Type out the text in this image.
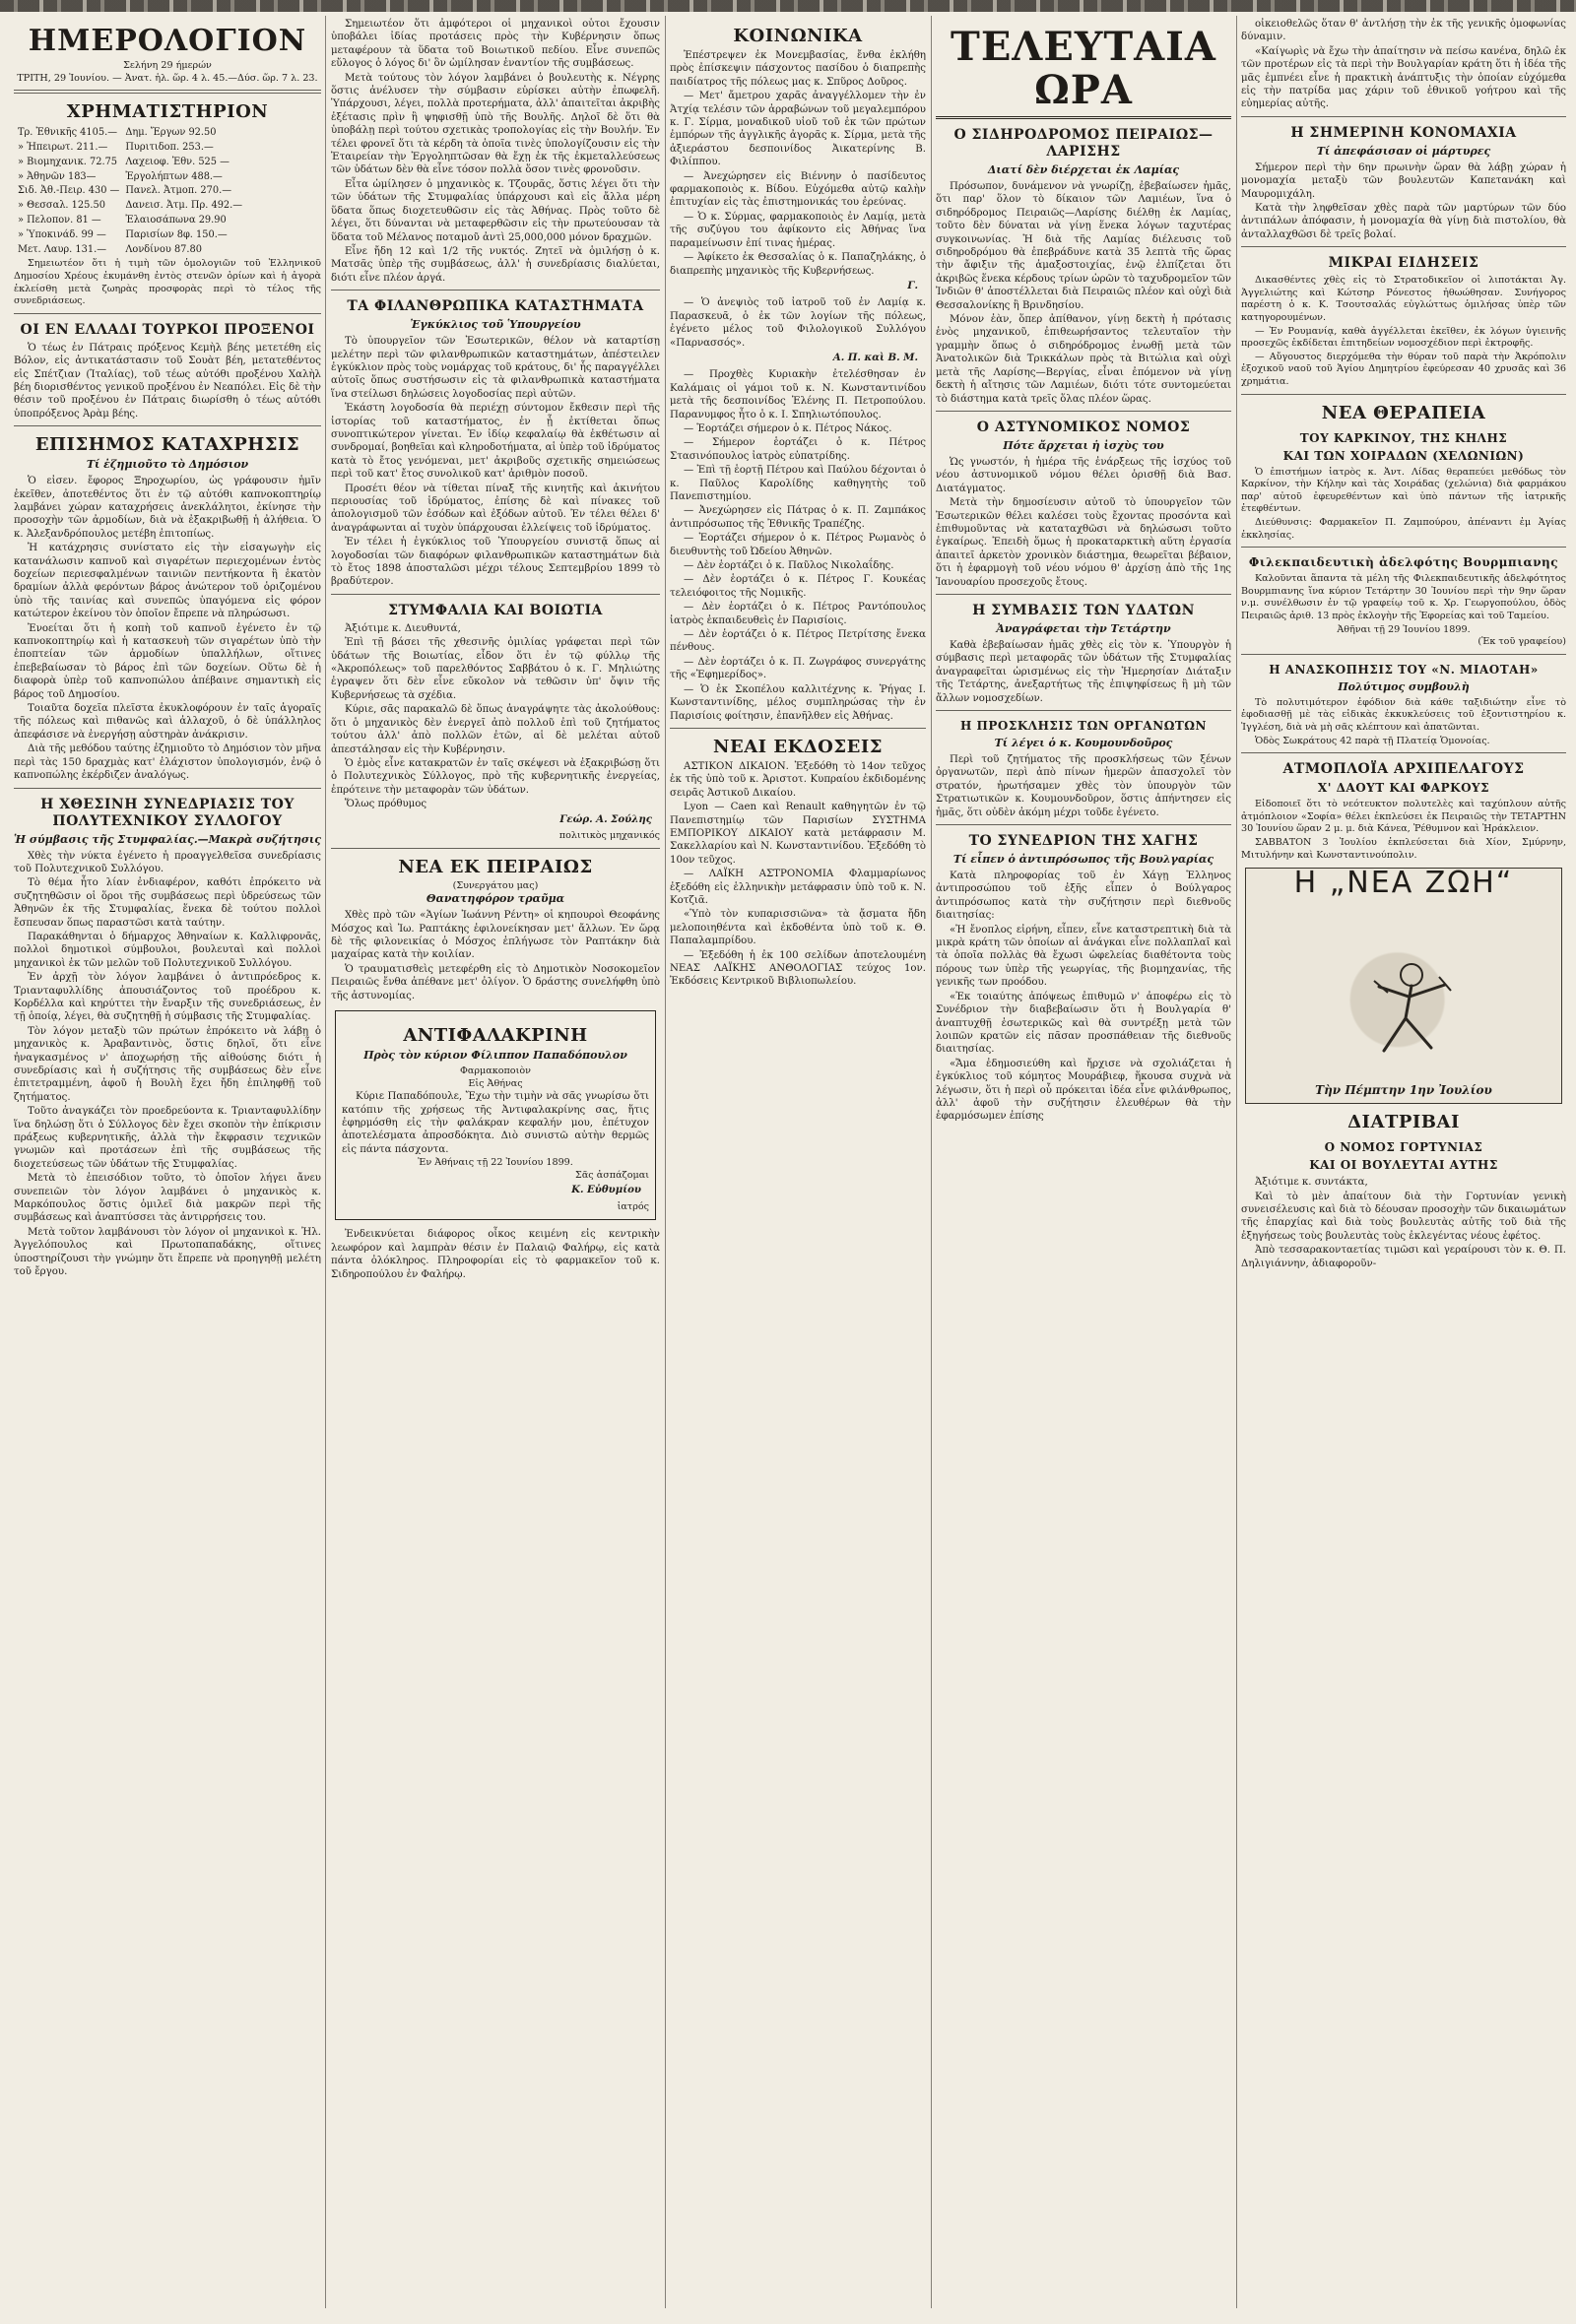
ΗΜΕΡΟΛΟΓΙΟΝ
Σελήνη 29 ήμερών
ΤΡΙΤΗ, 29 Ἰουνίου. — Ἀνατ. ἡλ. ὥρ. 4 λ. 45.—Δύσ. ὥρ. 7 λ. 23.
ΧΡΗΜΑΤΙΣΤΗΡΙΟΝ
Τρ. Ἐθνικῆς 4105.—	Δημ. Ἔργων 92.50
» Ἠπειρωτ. 211.—	Πυριτιδοπ. 253.—
» Βιομηχανικ. 72.75	Λαχειοφ. Ἐθν. 525 —
» Ἀθηνῶν 183—	Ἐργολήπτων 488.—
Σιδ. Ἀθ.-Πειρ. 430 —	Πανελ. Ἀτμοπ. 270.—
» Θεσσαλ. 125.50	Δανεισ. Ἀτμ. Πρ. 492.—
» Πελοπον. 81 —	Ἐλαιοσάπωνα 29.90
» Ὑποκινάδ. 99 —	Παρισίων 8φ. 150.—
Μετ. Λαυρ. 131.—	Λονδίνου 87.80
Σημειωτέον ὅτι ἡ τιμὴ τῶν ὁμολογιῶν τοῦ Ἑλληνικοῦ Δημοσίου Χρέους ἐκυμάνθη ἐντὸς στενῶν ὁρίων καὶ ἡ ἀγορὰ ἐκλείσθη μετὰ ζωηρὰς προσφορὰς περὶ τὸ τέλος τῆς συνεδριάσεως.
ΟΙ ΕΝ ΕΛΛΑΔΙ ΤΟΥΡΚΟΙ ΠΡΟΞΕΝΟΙ
Ὁ τέως ἐν Πάτραις πρόξενος Κεμὴλ βέης μετετέθη εἰς Βόλον, εἰς ἀντικατάστασιν τοῦ Σουὰτ βέη, μετατεθέντος εἰς Σπέτζιαν (Ἰταλίας), τοῦ τέως αὐτόθι προξένου Χαλὴλ βέη διορισθέντος γενικοῦ προξένου ἐν Νεαπόλει. Εἰς δὲ τὴν θέσιν τοῦ προξένου ἐν Πάτραις διωρίσθη ὁ τέως αὐτόθι ὑποπρόξενος Ἀρὰμ βέης.
ΕΠΙΣΗΜΟΣ ΚΑΤΑΧΡΗΣΙΣ
Τί ἐζημιοῦτο τὸ Δημόσιον
Ὁ εἰσεν. ἔφορος Ξηροχωρίου, ὡς γράφουσιν ἡμῖν ἐκεῖθεν, ἀποτεθέντος ὅτι ἐν τῷ αὐτόθι καπνοκοπτηρίῳ λαμβάνει χώραν καταχρήσεις ἀνεκλάλητοι, ἐκίνησε τὴν προσοχὴν τῶν ἀρμοδίων, διὰ νὰ ἐξακριβωθῇ ἡ ἀλήθεια. Ὁ κ. Ἀλεξανδρόπουλος μετέβη ἐπιτοπίως.
Ἡ κατάχρησις συνίστατο εἰς τὴν εἰσαγωγὴν εἰς κατανάλωσιν καπνοῦ καὶ σιγαρέτων περιεχομένων ἐντὸς δοχείων περιεσφαλμένων ταινιῶν πεντήκοντα ἢ ἑκατὸν δραμίων ἀλλὰ φερόντων βάρος ἀνώτερον τοῦ ὁριζομένου ὑπὸ τῆς ταινίας καὶ συνεπῶς ὑπαγόμενα εἰς φόρον κατώτερον ἐκείνου τὸν ὁποῖον ἔπρεπε νὰ πληρώσωσι.
Ἐνοείται ὅτι ἡ κοπὴ τοῦ καπνοῦ ἐγένετο ἐν τῷ καπνοκοπτηρίῳ καὶ ἡ κατασκευὴ τῶν σιγαρέτων ὑπὸ τὴν ἐποπτείαν τῶν ἀρμοδίων ὑπαλλήλων, οἵτινες ἐπεβεβαίωσαν τὸ βάρος ἐπὶ τῶν δοχείων. Οὕτω δὲ ἡ διαφορὰ ὑπὲρ τοῦ καπνοπώλου ἀπέβαινε σημαντικὴ εἰς βάρος τοῦ Δημοσίου.
Τοιαῦτα δοχεῖα πλεῖστα ἐκυκλοφόρουν ἐν ταῖς ἀγοραῖς τῆς πόλεως καὶ πιθανῶς καὶ ἀλλαχοῦ, ὁ δὲ ὑπάλληλος ἀπεφάσισε νὰ ἐνεργήσῃ αὐστηρὰν ἀνάκρισιν.
Διὰ τῆς μεθόδου ταύτης ἐζημιοῦτο τὸ Δημόσιον τὸν μῆνα περὶ τὰς 150 δραχμὰς κατ' ἐλάχιστον ὑπολογισμόν, ἐνῷ ὁ καπνοπώλης ἐκέρδιζεν ἀναλόγως.
Η ΧΘΕΣΙΝΗ ΣΥΝΕΔΡΙΑΣΙΣ ΤΟΥ ΠΟΛΥΤΕΧΝΙΚΟΥ ΣΥΛΛΟΓΟΥ
Ἡ σύμβασις τῆς Στυμφαλίας.—Μακρὰ συζήτησις
Χθὲς τὴν νύκτα ἐγένετο ἡ προαγγελθεῖσα συνεδρίασις τοῦ Πολυτεχνικοῦ Συλλόγου.
Τὸ θέμα ἦτο λίαν ἐνδιαφέρον, καθότι ἐπρόκειτο νὰ συζητηθῶσιν οἱ ὅροι τῆς συμβάσεως περὶ ὑδρεύσεως τῶν Ἀθηνῶν ἐκ τῆς Στυμφαλίας, ἕνεκα δὲ τούτου πολλοὶ ἔσπευσαν ὅπως παραστῶσι κατὰ ταύτην.
Παρακάθηνται ὁ δήμαρχος Ἀθηναίων κ. Καλλιφρονᾶς, πολλοὶ δημοτικοὶ σύμβουλοι, βουλευταὶ καὶ πολλοὶ μηχανικοὶ ἐκ τῶν μελῶν τοῦ Πολυτεχνικοῦ Συλλόγου.
Ἐν ἀρχῇ τὸν λόγον λαμβάνει ὁ ἀντιπρόεδρος κ. Τριανταφυλλίδης ἀπουσιάζοντος τοῦ προέδρου κ. Κορδέλλα καὶ κηρύττει τὴν ἔναρξιν τῆς συνεδριάσεως, ἐν τῇ ὁποίᾳ, λέγει, θὰ συζητηθῇ ἡ σύμβασις τῆς Στυμφαλίας.
Τὸν λόγον μεταξὺ τῶν πρώτων ἐπρόκειτο νὰ λάβῃ ὁ μηχανικὸς κ. Ἀραβαντινὸς, ὅστις δηλοῖ, ὅτι εἶνε ἠναγκασμένος ν' ἀποχωρήσῃ τῆς αἰθούσης διότι ἡ συνεδρίασις καὶ ἡ συζήτησις τῆς συμβάσεως δὲν εἶνε ἐπιτετραμμένη, ἀφοῦ ἡ Βουλὴ ἔχει ἤδη ἐπιληφθῇ τοῦ ζητήματος.
Τοῦτο ἀναγκάζει τὸν προεδρεύοντα κ. Τριανταφυλλίδην ἵνα δηλώσῃ ὅτι ὁ Σύλλογος δὲν ἔχει σκοπὸν τὴν ἐπίκρισιν πράξεως κυβερνητικῆς, ἀλλὰ τὴν ἔκφρασιν τεχνικῶν γνωμῶν καὶ προτάσεων ἐπὶ τῆς συμβάσεως τῆς διοχετεύσεως τῶν ὑδάτων τῆς Στυμφαλίας.
Μετὰ τὸ ἐπεισόδιον τοῦτο, τὸ ὁποῖον λήγει ἄνευ συνεπειῶν τὸν λόγον λαμβάνει ὁ μηχανικὸς κ. Μαρκόπουλος ὅστις ὁμιλεῖ διὰ μακρῶν περὶ τῆς συμβάσεως καὶ ἀναπτύσσει τὰς ἀντιρρήσεις του.
Μετὰ τοῦτον λαμβάνουσι τὸν λόγον οἱ μηχανικοὶ κ. Ἠλ. Ἀγγελόπουλος καὶ Πρωτοπαπαδάκης, οἵτινες ὑποστηρίζουσι τὴν γνώμην ὅτι ἔπρεπε νὰ προηγηθῇ μελέτη τοῦ ἔργου.
Σημειωτέον ὅτι ἀμφότεροι οἱ μηχανικοὶ οὗτοι ἔχουσιν ὑποβάλει ἰδίας προτάσεις πρὸς τὴν Κυβέρνησιν ὅπως μεταφέρουν τὰ ὕδατα τοῦ Βοιωτικοῦ πεδίου. Εἶνε συνεπῶς εὔλογος ὁ λόγος δι' ὃν ὡμίλησαν ἐναντίον τῆς συμβάσεως.
Μετὰ τούτους τὸν λόγον λαμβάνει ὁ βουλευτὴς κ. Νέγρης ὅστις ἀνέλυσεν τὴν σύμβασιν εὑρίσκει αὐτὴν ἐπωφελῆ. Ὑπάρχουσι, λέγει, πολλὰ προτερήματα, ἀλλ' ἀπαιτεῖται ἀκριβὴς ἐξέτασις πρὶν ἢ ψηφισθῇ ὑπὸ τῆς Βουλῆς. Δηλοῖ δὲ ὅτι θὰ ὑποβάλῃ περὶ τούτου σχετικὰς τροπολογίας εἰς τὴν Βουλήν. Ἐν τέλει φρονεῖ ὅτι τὰ κέρδη τὰ ὁποῖα τινὲς ὑπολογίζουσιν εἰς τὴν Ἑταιρείαν τὴν Ἐργοληπτῶσαν θὰ ἔχῃ ἐκ τῆς ἐκμεταλλεύσεως τῶν ὑδάτων δὲν θὰ εἶνε τόσον πολλὰ ὅσον τινὲς φρονοῦσιν.
Εἶτα ὡμίλησεν ὁ μηχανικὸς κ. Τζουρᾶς, ὅστις λέγει ὅτι τὴν τῶν ὑδάτων τῆς Στυμφαλίας ὑπάρχουσι καὶ εἰς ἄλλα μέρη ὕδατα ὅπως διοχετευθῶσιν εἰς τὰς Ἀθήνας. Πρὸς τοῦτο δὲ λέγει, ὅτι δύνανται νὰ μεταφερθῶσιν εἰς τὴν πρωτεύουσαν τὰ ὕδατα τοῦ Μέλανος ποταμοῦ ἀντὶ 25,000,000 μόνον δραχμῶν.
Εἶνε ἤδη 12 καὶ 1/2 τῆς νυκτός. Ζητεῖ νὰ ὁμιλήσῃ ὁ κ. Ματσᾶς ὑπὲρ τῆς συμβάσεως, ἀλλ' ἡ συνεδρίασις διαλύεται, διότι εἶνε πλέον ἀργά.
ΤΑ ΦΙΛΑΝΘΡΩΠΙΚΑ ΚΑΤΑΣΤΗΜΑΤΑ
Ἐγκύκλιος τοῦ Ὑπουργείου
Τὸ ὑπουργεῖον τῶν Ἐσωτερικῶν, θέλον νὰ καταρτίσῃ μελέτην περὶ τῶν φιλανθρωπικῶν καταστημάτων, ἀπέστειλεν ἐγκύκλιον πρὸς τοὺς νομάρχας τοῦ κράτους, δι' ἧς παραγγέλλει αὐτοῖς ὅπως συστήσωσιν εἰς τὰ φιλανθρωπικὰ καταστήματα ἵνα στείλωσι δηλώσεις λογοδοσίας περὶ αὐτῶν.
Ἑκάστη λογοδοσία θὰ περιέχῃ σύντομον ἔκθεσιν περὶ τῆς ἱστορίας τοῦ καταστήματος, ἐν ᾗ ἐκτίθεται ὅπως συνοπτικώτερον γίνεται. Ἐν ἰδίῳ κεφαλαίῳ θὰ ἐκθέτωσιν αἱ συνδρομαί, βοηθεῖαι καὶ κληροδοτήματα, αἱ ὑπὲρ τοῦ ἱδρύματος κατὰ τὸ ἔτος γενόμεναι, μετ' ἀκριβοῦς σχετικῆς σημειώσεως περὶ τοῦ κατ' ἔτος συνολικοῦ κατ' ἀριθμὸν ποσοῦ.
Προσέτι θέον νὰ τίθεται πίναξ τῆς κινητῆς καὶ ἀκινήτου περιουσίας τοῦ ἱδρύματος, ἐπίσης δὲ καὶ πίνακες τοῦ ἀπολογισμοῦ τῶν ἐσόδων καὶ ἐξόδων αὐτοῦ. Ἐν τέλει θέλει δ' ἀναγράφωνται αἱ τυχὸν ὑπάρχουσαι ἐλλείψεις τοῦ ἱδρύματος.
Ἐν τέλει ἡ ἐγκύκλιος τοῦ Ὑπουργείου συνιστᾷ ὅπως αἱ λογοδοσίαι τῶν διαφόρων φιλανθρωπικῶν καταστημάτων διὰ τὸ ἔτος 1898 ἀποσταλῶσι μέχρι τέλους Σεπτεμβρίου 1899 τὸ βραδύτερον.
ΣΤΥΜΦΑΛΙΑ ΚΑΙ ΒΟΙΩΤΙΑ
Ἀξιότιμε κ. Διευθυντά,
Ἐπὶ τῇ βάσει τῆς χθεσινῆς ὁμιλίας γράφεται περὶ τῶν ὑδάτων τῆς Βοιωτίας, εἶδον ὅτι ἐν τῷ φύλλῳ τῆς «Ἀκροπόλεως» τοῦ παρελθόντος Σαββάτου ὁ κ. Γ. Μηλιώτης ἐγραψεν ὅτι δὲν εἶνε εὔκολον νὰ τεθῶσιν ὑπ' ὄψιν τῆς Κυβερνήσεως τὰ σχέδια.
Κύριε, σᾶς παρακαλῶ δὲ ὅπως ἀναγράψητε τὰς ἀκολούθους: ὅτι ὁ μηχανικὸς δὲν ἐνεργεῖ ἀπὸ πολλοῦ ἐπὶ τοῦ ζητήματος τούτου ἀλλ' ἀπὸ πολλῶν ἐτῶν, αἱ δὲ μελέται αὐτοῦ ἀπεστάλησαν εἰς τὴν Κυβέρνησιν.
Ὁ ἐμὸς εἶνε κατακρατῶν ἐν ταῖς σκέψεσι νὰ ἐξακριβώσῃ ὅτι ὁ Πολυτεχνικὸς Σύλλογος, πρὸ τῆς κυβερνητικῆς ἐνεργείας, ἐπρότεινε τὴν μεταφορὰν τῶν ὑδάτων.
Ὅλως πρόθυμος
Γεώρ. Α. Σούλης
πολιτικὸς μηχανικός
ΝΕΑ ΕΚ ΠΕΙΡΑΙΩΣ
(Συνεργάτου μας)
Θανατηφόρον τραῦμα
Χθὲς πρὸ τῶν «Ἁγίων Ἰωάννη Ρέντη» οἱ κηπουροὶ Θεοφάνης Μόσχος καὶ Ἰω. Ραπτάκης ἐφιλονείκησαν μετ' ἄλλων. Ἐν ὥρᾳ δὲ τῆς φιλονεικίας ὁ Μόσχος ἐπλήγωσε τὸν Ραπτάκην διὰ μαχαίρας κατὰ τὴν κοιλίαν.
Ὁ τραυματισθεὶς μετεφέρθη εἰς τὸ Δημοτικὸν Νοσοκομεῖον Πειραιῶς ἔνθα ἀπέθανε μετ' ὀλίγον. Ὁ δράστης συνελήφθη ὑπὸ τῆς ἀστυνομίας.
ΑΝΤΙΦΑΛΑΚΡΙΝΗ
Πρὸς τὸν κύριον Φίλιππον Παπαδόπουλον
Φαρμακοποιὸν
Εἰς Ἀθήνας
Κύριε Παπαδόπουλε, Ἔχω τὴν τιμὴν νὰ σᾶς γνωρίσω ὅτι κατόπιν τῆς χρήσεως τῆς Ἀντιφαλακρίνης σας, ἥτις ἐφηρμόσθη εἰς τὴν φαλάκραν κεφαλήν μου, ἐπέτυχον ἀποτελέσματα ἀπροσδόκητα. Διὸ συνιστῶ αὐτὴν θερμῶς εἰς πάντα πάσχοντα.
Ἐν Ἀθήναις τῇ 22 Ἰουνίου 1899.
Σᾶς ἀσπάζομαι
Κ. Εὐθυμίου
ἰατρός
Ἐνδεικνύεται διάφορος οἶκος κειμένη εἰς κεντρικὴν λεωφόρον καὶ λαμπρὰν θέσιν ἐν Παλαιῷ Φαλήρῳ, εἰς κατὰ πάντα ὀλόκληρος. Πληροφορίαι εἰς τὸ φαρμακεῖον τοῦ κ. Σιδηροπούλου ἐν Φαλήρῳ.
ΚΟΙΝΩΝΙΚΑ
Ἐπέστρεψεν ἐκ Μονεμβασίας, ἔνθα ἐκλήθη πρὸς ἐπίσκεψιν πάσχοντος πασίδου ὁ διαπρεπὴς παιδίατρος τῆς πόλεως μας κ. Σπῦρος Δοῦρος.
— Μετ' ἄμετρου χαρᾶς ἀναγγέλλομεν τὴν ἐν Ἀτχίᾳ τελέσιν τῶν ἀρραβώνων τοῦ μεγαλεμπόρου κ. Γ. Σίρμα, μοναδικοῦ υἱοῦ τοῦ ἐκ τῶν πρώτων ἐμπόρων τῆς ἀγγλικῆς ἀγορᾶς κ. Σίρμα, μετὰ τῆς ἀξιεράστου δεσποινίδος Ἀικατερίνης Β. Φιλίππου.
— Ἀνεχώρησεν εἰς Βιέννην ὁ πασίδευτος φαρμακοποιὸς κ. Βίδου. Εὐχόμεθα αὐτῷ καλὴν ἐπιτυχίαν εἰς τὰς ἐπιστημονικάς του ἐρεύνας.
— Ὁ κ. Σύρμας, φαρμακοποιὸς ἐν Λαμίᾳ, μετὰ τῆς συζύγου του ἀφίκοντο εἰς Ἀθήνας ἵνα παραμείνωσιν ἐπί τινας ἡμέρας.
— Ἀφίκετο ἐκ Θεσσαλίας ὁ κ. Παπαζηλάκης, ὁ διαπρεπὴς μηχανικὸς τῆς Κυβερνήσεως.
Γ.
— Ὁ ἀνεψιὸς τοῦ ἰατροῦ τοῦ ἐν Λαμίᾳ κ. Παρασκευᾶ, ὁ ἐκ τῶν λογίων τῆς πόλεως, ἐγένετο μέλος τοῦ Φιλολογικοῦ Συλλόγου «Παρνασσός».
Α. Π. καὶ Β. Μ.
— Προχθὲς Κυριακὴν ἐτελέσθησαν ἐν Καλάμαις οἱ γάμοι τοῦ κ. Ν. Κωνσταντινίδου μετὰ τῆς δεσποινίδος Ἑλένης Π. Πετροπούλου. Παρανυμφος ἦτο ὁ κ. Ι. Σπηλιωτόπουλος.
— Ἑορτάζει σήμερον ὁ κ. Πέτρος Νάκος.
— Σήμερον ἑορτάζει ὁ κ. Πέτρος Στασινόπουλος ἰατρὸς εὐπατρίδης.
— Ἐπὶ τῇ ἑορτῇ Πέτρου καὶ Παύλου δέχονται ὁ κ. Παῦλος Καρολίδης καθηγητὴς τοῦ Πανεπιστημίου.
— Ἀνεχώρησεν εἰς Πάτρας ὁ κ. Π. Ζαμπάκος ἀντιπρόσωπος τῆς Ἐθνικῆς Τραπέζης.
— Ἑορτάζει σήμερον ὁ κ. Πέτρος Ρωμανὸς ὁ διευθυντὴς τοῦ Ὠδείου Ἀθηνῶν.
— Δὲν ἑορτάζει ὁ κ. Παῦλος Νικολαΐδης.
— Δὲν ἑορτάζει ὁ κ. Πέτρος Γ. Κουκέας τελειόφοιτος τῆς Νομικῆς.
— Δὲν ἑορτάζει ὁ κ. Πέτρος Ραντόπουλος ἰατρὸς ἐκπαιδευθεὶς ἐν Παρισίοις.
— Δὲν ἑορτάζει ὁ κ. Πέτρος Πετρίτσης ἔνεκα πένθους.
— Δὲν ἑορτάζει ὁ κ. Π. Ζωγράφος συνεργάτης τῆς «Ἐφημερίδος».
— Ὁ ἐκ Σκοπέλου καλλιτέχνης κ. Ῥήγας Ι. Κωνσταντινίδης, μέλος συμπληρώσας τὴν ἐν Παρισίοις φοίτησιν, ἐπανῆλθεν εἰς Ἀθήνας.
ΝΕΑΙ ΕΚΔΟΣΕΙΣ
ΑΣΤΙΚΟΝ ΔΙΚΑΙΟΝ. Ἐξεδόθη τὸ 14ον τεῦχος ἐκ τῆς ὑπὸ τοῦ κ. Ἀριστοτ. Κυπραίου ἐκδιδομένης σειρᾶς Ἀστικοῦ Δικαίου.
Lyon — Caen καὶ Renault καθηγητῶν ἐν τῷ Πανεπιστημίῳ τῶν Παρισίων ΣΥΣΤΗΜΑ ΕΜΠΟΡΙΚΟΥ ΔΙΚΑΙΟΥ κατὰ μετάφρασιν Μ. Σακελλαρίου καὶ Ν. Κωνσταντινίδου. Ἐξεδόθη τὸ 10ον τεῦχος.
— ΛΑΪΚΗ ΑΣΤΡΟΝΟΜΙΑ Φλαμμαρίωνος ἐξεδόθη εἰς ἑλληνικὴν μετάφρασιν ὑπὸ τοῦ κ. Ν. Κοτζιᾶ.
«Ὑπὸ τὸν κυπαρισσιῶνα» τὰ ᾄσματα ἤδη μελοποιηθέντα καὶ ἐκδοθέντα ὑπὸ τοῦ κ. Θ. Παπαλαμπρίδου.
— Ἐξεδόθη ἡ ἐκ 100 σελίδων ἀποτελουμένη ΝΕΑΣ ΛΑΪΚΗΣ ΑΝΘΟΛΟΓΙΑΣ τεύχος 1ον. Ἐκδόσεις Κεντρικοῦ Βιβλιοπωλείου.
ΤΕΛΕΥΤΑΙΑ ΩΡΑ
Ο ΣΙΔΗΡΟΔΡΟΜΟΣ ΠΕΙΡΑΙΩΣ—ΛΑΡΙΣΗΣ
Διατί δὲν διέρχεται ἐκ Λαμίας
Πρόσωπον, δυνάμενον νὰ γνωρίζῃ, ἐβεβαίωσεν ἡμᾶς, ὅτι παρ' ὅλον τὸ δίκαιον τῶν Λαμιέων, ἵνα ὁ σιδηρόδρομος Πειραιῶς—Λαρίσης διέλθῃ ἐκ Λαμίας, τοῦτο δὲν δύναται νὰ γίνῃ ἕνεκα λόγων ταχυτέρας συγκοινωνίας. Ἡ διὰ τῆς Λαμίας διέλευσις τοῦ σιδηροδρόμου θὰ ἐπεβράδυνε κατὰ 35 λεπτὰ τῆς ὥρας τὴν ἄφιξιν τῆς ἁμαξοστοιχίας, ἐνῷ ἐλπίζεται ὅτι ἀκριβῶς ἕνεκα κέρδους τρίων ὡρῶν τὸ ταχυδρομεῖον τῶν Ἰνδιῶν θ' ἀποστέλλεται διὰ Πειραιῶς πλέον καὶ οὐχὶ διὰ Θεσσαλονίκης ἢ Βρινδησίου.
Μόνον ἐὰν, ὅπερ ἀπίθανον, γίνῃ δεκτὴ ἡ πρότασις ἑνὸς μηχανικοῦ, ἐπιθεωρήσαντος τελευταῖον τὴν γραμμὴν ὅπως ὁ σιδηρόδρομος ἑνωθῇ μετὰ τῶν Ἀνατολικῶν διὰ Τρικκάλων πρὸς τὰ Βιτώλια καὶ οὐχὶ μετὰ τῆς Λαρίσης—Βεργίας, εἶναι ἐπόμενον νὰ γίνῃ δεκτὴ ἡ αἴτησις τῶν Λαμιέων, διότι τότε συντομεύεται τὸ διάστημα κατὰ τρεῖς ὅλας πλέον ὥρας.
Ο ΑΣΤΥΝΟΜΙΚΟΣ ΝΟΜΟΣ
Πότε ἄρχεται ἡ ἰσχὺς του
Ὡς γνωστόν, ἡ ἡμέρα τῆς ἐνάρξεως τῆς ἰσχύος τοῦ νέου ἀστυνομικοῦ νόμου θέλει ὁρισθῇ διὰ Βασ. Διατάγματος.
Μετὰ τὴν δημοσίευσιν αὐτοῦ τὸ ὑπουργεῖον τῶν Ἐσωτερικῶν θέλει καλέσει τοὺς ἔχοντας προσόντα καὶ ἐπιθυμοῦντας νὰ καταταχθῶσι νὰ δηλώσωσι τοῦτο ἐγκαίρως. Ἐπειδὴ ὅμως ἡ προκαταρκτικὴ αὕτη ἐργασία ἀπαιτεῖ ἀρκετὸν χρονικὸν διάστημα, θεωρεῖται βέβαιον, ὅτι ἡ ἐφαρμογὴ τοῦ νέου νόμου θ' ἀρχίσῃ ἀπὸ τῆς 1ης Ἰανουαρίου προσεχοῦς ἔτους.
Η ΣΥΜΒΑΣΙΣ ΤΩΝ ΥΔΑΤΩΝ
Ἀναγράφεται τὴν Τετάρτην
Καθὰ ἐβεβαίωσαν ἡμᾶς χθὲς εἰς τὸν κ. Ὑπουργὸν ἡ σύμβασις περὶ μεταφορᾶς τῶν ὑδάτων τῆς Στυμφαλίας ἀναγραφεῖται ὡρισμένως εἰς τὴν Ἡμερησίαν Διάταξιν τῆς Τετάρτης, ἀνεξαρτήτως τῆς ἐπιψηφίσεως ἢ μὴ τῶν ἄλλων νομοσχεδίων.
Η ΠΡΟΣΚΛΗΣΙΣ ΤΩΝ ΟΡΓΑΝΩΤΩΝ
Τί λέγει ὁ κ. Κουμουνδοῦρος
Περὶ τοῦ ζητήματος τῆς προσκλήσεως τῶν ξένων ὀργανωτῶν, περὶ ἀπὸ πίνων ἡμερῶν ἀπασχολεῖ τὸν στρατόν, ἠρωτήσαμεν χθὲς τὸν ὑπουργὸν τῶν Στρατιωτικῶν κ. Κουμουνδοῦρον, ὅστις ἀπήντησεν εἰς ἡμᾶς, ὅτι οὐδὲν ἀκόμη μέχρι τοῦδε ἐγένετο.
ΤΟ ΣΥΝΕΔΡΙΟΝ ΤΗΣ ΧΑΓΗΣ
Τί εἶπεν ὁ ἀντιπρόσωπος τῆς Βουλγαρίας
Κατὰ πληροφορίας τοῦ ἐν Χάγῃ Ἑλληνος ἀντιπροσώπου τοῦ ἐξῆς εἶπεν ὁ Βούλγαρος ἀντιπρόσωπος κατὰ τὴν συζήτησιν περὶ διεθνοῦς διαιτησίας:
«Ἡ ἔνοπλος εἰρήνη, εἶπεν, εἶνε καταστρεπτικὴ διὰ τὰ μικρὰ κράτη τῶν ὁποίων αἱ ἀνάγκαι εἶνε πολλαπλαῖ καὶ τὰ ὁποῖα πολλὰς θὰ ἔχωσι ὠφελείας διαθέτοντα τοὺς πόρους των ὑπὲρ τῆς γεωργίας, τῆς βιομηχανίας, τῆς γενικῆς των προόδου.
«Ἐκ τοιαύτης ἀπόψεως ἐπιθυμῶ ν' ἀποφέρω εἰς τὸ Συνέδριον τὴν διαβεβαίωσιν ὅτι ἡ Βουλγαρία θ' ἀναπτυχθῇ ἐσωτερικῶς καὶ θὰ συντρέξῃ μετὰ τῶν λοιπῶν κρατῶν εἰς πᾶσαν προσπάθειαν τῆς διεθνοῦς διαιτησίας.
«Ἄμα ἐδημοσιεύθη καὶ ἤρχισε νὰ σχολιάζεται ἡ ἐγκύκλιος τοῦ κόμητος Μουράβιεφ, ἥκουσα συχνὰ νὰ λέγωσιν, ὅτι ἡ περὶ οὗ πρόκειται ἰδέα εἶνε φιλάνθρωπος, ἀλλ' ἀφοῦ τὴν συζήτησιν ἐλευθέρων θὰ τὴν ἐφαρμόσωμεν ἐπίσης
οἰκειοθελῶς ὅταν θ' ἀντλήσῃ τὴν ἐκ τῆς γενικῆς ὁμοφωνίας δύναμιν.
«Καίγωρὶς νὰ ἔχω τὴν ἀπαίτησιν νὰ πείσω κανένα, δηλῶ ἐκ τῶν προτέρων εἰς τὰ περὶ τὴν Βουλγαρίαν κράτη ὅτι ἡ ἰδέα τῆς μᾶς ἐμπνέει εἶνε ἡ πρακτικὴ ἀνάπτυξις τὴν ὁποίαν εὐχόμεθα εἰς τὴν πατρίδα μας χάριν τοῦ ἐθνικοῦ γοήτρου καὶ τῆς εὐημερίας αὐτῆς.
Η ΣΗΜΕΡΙΝΗ ΚΟΝΟΜΑΧΙΑ
Τί ἀπεφάσισαν οἱ μάρτυρες
Σήμερον περὶ τὴν 6ην πρωινὴν ὥραν θὰ λάβῃ χώραν ἡ μονομαχία μεταξὺ τῶν βουλευτῶν Καπετανάκη καὶ Μαυρομιχάλη.
Κατὰ τὴν ληφθεῖσαν χθὲς παρὰ τῶν μαρτύρων τῶν δύο ἀντιπάλων ἀπόφασιν, ἡ μονομαχία θὰ γίνῃ διὰ πιστολίου, θὰ ἀνταλλαχθῶσι δὲ τρεῖς βολαί.
ΜΙΚΡΑΙ ΕΙΔΗΣΕΙΣ
Δικασθέντες χθὲς εἰς τὸ Στρατοδικεῖον οἱ λιποτάκται Ἀγ. Ἀγγελιώτης καὶ Κώτσηρ Ρόνεστος ἠθωώθησαν. Συνήγορος παρέστη ὁ κ. Κ. Τσουτσαλάς εὐγλώττως ὁμιλήσας ὑπὲρ τῶν κατηγορουμένων.
— Ἐν Ρουμανίᾳ, καθὰ ἀγγέλλεται ἐκεῖθεν, ἐκ λόγων ὑγιεινῆς προσεχῶς ἐκδίδεται ἐπιτηδείων νομοσχέδιον περὶ ἐκτροφῆς.
— Αὔγουστος διερχόμεθα τὴν θύραν τοῦ παρὰ τὴν Ἀκρόπολιν ἐξοχικοῦ ναοῦ τοῦ Ἁγίου Δημητρίου ἐφεύρεσαν 40 χρυσᾶς καὶ 36 χρημάτια.
ΝΕΑ ΘΕΡΑΠΕΙΑ
ΤΟΥ ΚΑΡΚΙΝΟΥ, ΤΗΣ ΚΗΛΗΣ
ΚΑΙ ΤΩΝ ΧΟΙΡΑΔΩΝ (ΧΕΛΩΝΙΩΝ)
Ὁ ἐπιστήμων ἰατρὸς κ. Ἀντ. Λίδας θεραπεύει μεθόδως τὸν Καρκίνον, τὴν Κήλην καὶ τὰς Χοιράδας (χελώνια) διὰ φαρμάκου παρ' αὐτοῦ ἐφευρεθέντων καὶ ὑπὸ πάντων τῆς ἰατρικῆς ἐτεφθέντων.
Διεύθυνσις: Φαρμακεῖον Π. Ζαμπούρου, ἀπέναντι ἐμ Ἁγίας ἐκκλησίας.
Φιλεκπαιδευτικὴ ἀδελφότης Βουρμπιανης
Καλοῦνται ἅπαντα τὰ μέλη τῆς Φιλεκπαιδευτικῆς ἀδελφότητος Βουρμπιανης ἵνα κύριον Τετάρτην 30 Ἰουνίου περὶ τὴν 9ην ὥραν ν.μ. συνέλθωσιν ἐν τῷ γραφείῳ τοῦ κ. Χρ. Γεωργοπούλου, ὁδὸς Πειραιῶς ἀριθ. 13 πρὸς ἐκλογὴν τῆς Ἐφορείας καὶ τοῦ Ταμείου.
Ἀθῆναι τῇ 29 Ἰουνίου 1899.
(Ἐκ τοῦ γραφείου)
Η ΑΝΑΣΚΟΠΗΣΙΣ ΤΟΥ «Ν. ΜΙΑΟΤΑΗ»
Πολύτιμος συμβουλὴ
Τὸ πολυτιμότερον ἐφόδιον διὰ κάθε ταξιδιώτην εἶνε τὸ ἐφοδιασθῇ μὲ τὰς εἰδικὰς ἐκκυκλεύσεις τοῦ ἐξοντιστηρίου κ. Ἰγγλέση, διὰ νὰ μὴ σᾶς κλέπτουν καὶ ἀπατῶνται.
Ὁδὸς Σωκράτους 42 παρὰ τῇ Πλατείᾳ Ὁμονοίας.
ΑΤΜΟΠΛΟΪΑ ΑΡΧΙΠΕΛΑΓΟΥΣ
Χ' ΔΑΟΥΤ ΚΑΙ ΦΑΡΚΟΥΣ
Εἰδοποιεῖ ὅτι τὸ νεότευκτον πολυτελὲς καὶ ταχύπλουν αὐτῆς ἀτμόπλοιον «Σοφία» θέλει ἐκπλεύσει ἐκ Πειραιῶς τὴν ΤΕΤΑΡΤΗΝ 30 Ἰουνίου ὥραν 2 μ. μ. διὰ Κάνεα, Ῥέθυμνον καὶ Ἡράκλειον.
ΣΑΒΒΑΤΟΝ 3 Ἰουλίου ἐκπλεύσεται διὰ Χίον, Σμύρνην, Μιτυλήνην καὶ Κωνσταντινούπολιν.
Η „ΝΕΑ ΖΩΗ“
Τὴν Πέμπτην 1ην Ἰουλίου
ΔΙΑΤΡΙΒΑΙ
Ο ΝΟΜΟΣ ΓΟΡΤΥΝΙΑΣ
ΚΑΙ ΟΙ ΒΟΥΛΕΥΤΑΙ ΑΥΤΗΣ
Ἀξιότιμε κ. συντάκτα,
Καὶ τὸ μὲν ἀπαίτουν διὰ τὴν Γορτυνίαν γενικὴ συνεισέλευσις καὶ διὰ τὸ δέουσαν προσοχὴν τῶν δικαιωμάτων τῆς ἐπαρχίας καὶ διὰ τοὺς βουλευτὰς αὐτῆς τοῦ διὰ τῆς ἐξηγήσεως τοὺς βουλευτὰς τοὺς ἐκλεγέντας νέους ἐφέτος.
Ἀπὸ τεσσαρακονταετίας τιμῶσι καὶ γεραίρουσι τὸν κ. Θ. Π. Δηλιγιάννην, ἀδιαφοροῦν-
